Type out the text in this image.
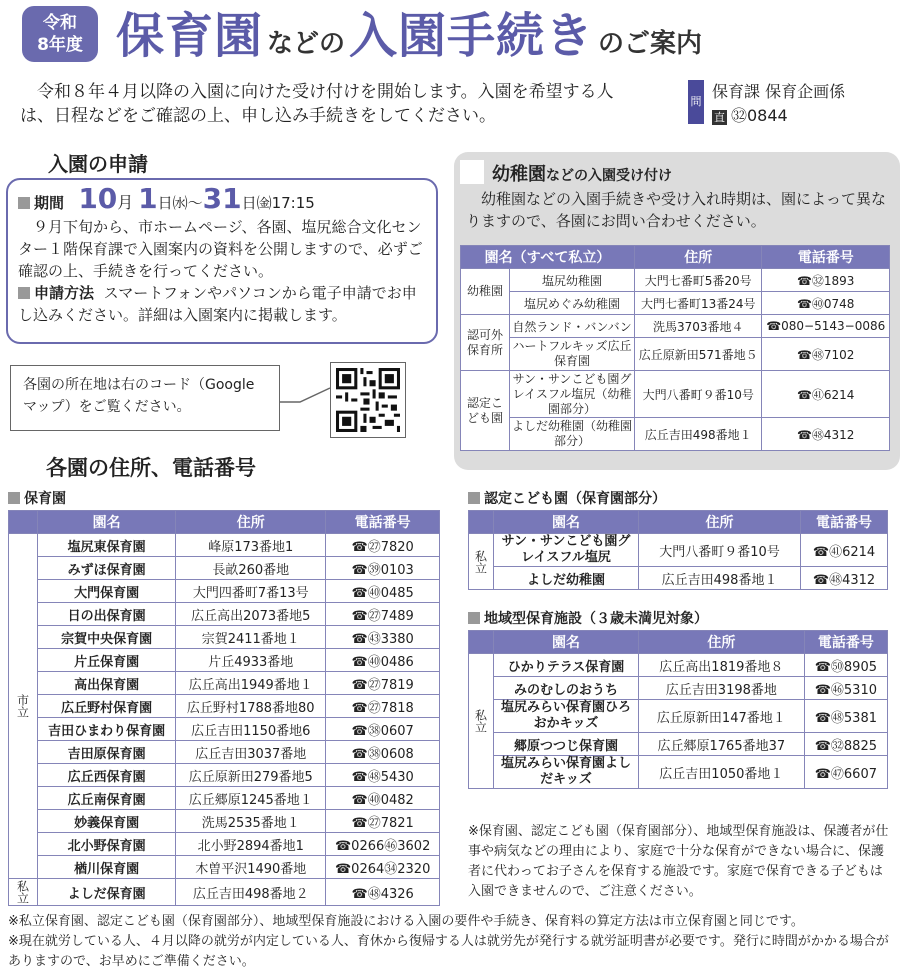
令和
8年度 保育園 などの 入園手続き のご案内
令和８年４月以降の入園に向けた受け付けを開始します。入園を希望する人は、日程などをご確認の上、申し込み手続きをしてください。
問保育課 保育企画係
直 ㉜0844
入園の申請
期間 10月 1日㈬〜31日㈮17:15
９月下旬から、市ホームページ、各園、塩尻総合文化センター１階保育課で入園案内の資料を公開しますので、必ずご確認の上、手続きを行ってください。
申請方法 スマートフォンやパソコンから電子申請でお申し込みください。詳細は入園案内に掲載します。
各園の所在地は右のコード（Googleマップ）をご覧ください。
幼稚園などの入園受け付け
幼稚園などの入園手続きや受け入れ時期は、園によって異なりますので、各園にお問い合わせください。
園名（すべて私立）		住所	電話番号
幼稚園	塩尻幼稚園	大門七番町5番20号	☎㉜1893
	塩尻めぐみ幼稚園	大門七番町13番24号	☎㊵0748
認可外保育所	自然ランド・バンバン	洗馬3703番地４	☎080−5143−0086
	ハートフルキッズ広丘保育園	広丘原新田571番地５	☎㊽7102
認定こども園	サン・サンこども園グレイスフル塩尻（幼稚園部分）	大門八番町９番10号	☎㊶6214
	よしだ幼稚園（幼稚園部分）	広丘吉田498番地１	☎㊽4312
各園の住所、電話番号
保育園
	園名	住所	電話番号
市立	塩尻東保育園	峰原173番地1	☎㉗7820
	みずほ保育園	長畝260番地	☎㊴0103
	大門保育園	大門四番町7番13号	☎㊵0485
	日の出保育園	広丘高出2073番地5	☎㉗7489
	宗賀中央保育園	宗賀2411番地１	☎㊸3380
	片丘保育園	片丘4933番地	☎㊵0486
	高出保育園	広丘高出1949番地１	☎㉗7819
	広丘野村保育園	広丘野村1788番地80	☎㉗7818
	吉田ひまわり保育園	広丘吉田1150番地6	☎㊳0607
	吉田原保育園	広丘吉田3037番地	☎㊳0608
	広丘西保育園	広丘原新田279番地5	☎㊽5430
	広丘南保育園	広丘郷原1245番地１	☎㊵0482
	妙義保育園	洗馬2535番地１	☎㉗7821
	北小野保育園	北小野2894番地1	☎0266㊻3602
	楢川保育園	木曽平沢1490番地	☎0264㉞2320
私立	よしだ保育園	広丘吉田498番地２	☎㊽4326
認定こども園（保育園部分）
	園名	住所	電話番号
私立	サン・サンこども園グレイスフル塩尻	大門八番町９番10号	☎㊶6214
	よしだ幼稚園	広丘吉田498番地１	☎㊽4312
地域型保育施設（３歳未満児対象）
	園名	住所	電話番号
私立	ひかりテラス保育園	広丘高出1819番地８	☎㊿8905
	みのむしのおうち	広丘吉田3198番地	☎㊻5310
	塩尻みらい保育園ひろおかキッズ	広丘原新田147番地１	☎㊽5381
	郷原つつじ保育園	広丘郷原1765番地37	☎㉜8825
	塩尻みらい保育園よしだキッズ	広丘吉田1050番地１	☎㊼6607
※保育園、認定こども園（保育園部分）、地域型保育施設は、保護者が仕事や病気などの理由により、家庭で十分な保育ができない場合に、保護者に代わってお子さんを保育する施設です。家庭で保育できる子どもは入園できませんので、ご注意ください。
※私立保育園、認定こども園（保育園部分）、地域型保育施設における入園の要件や手続き、保育料の算定方法は市立保育園と同じです。
※現在就労している人、４月以降の就労が内定している人、育休から復帰する人は就労先が発行する就労証明書が必要です。発行に時間がかかる場合がありますので、お早めにご準備ください。
